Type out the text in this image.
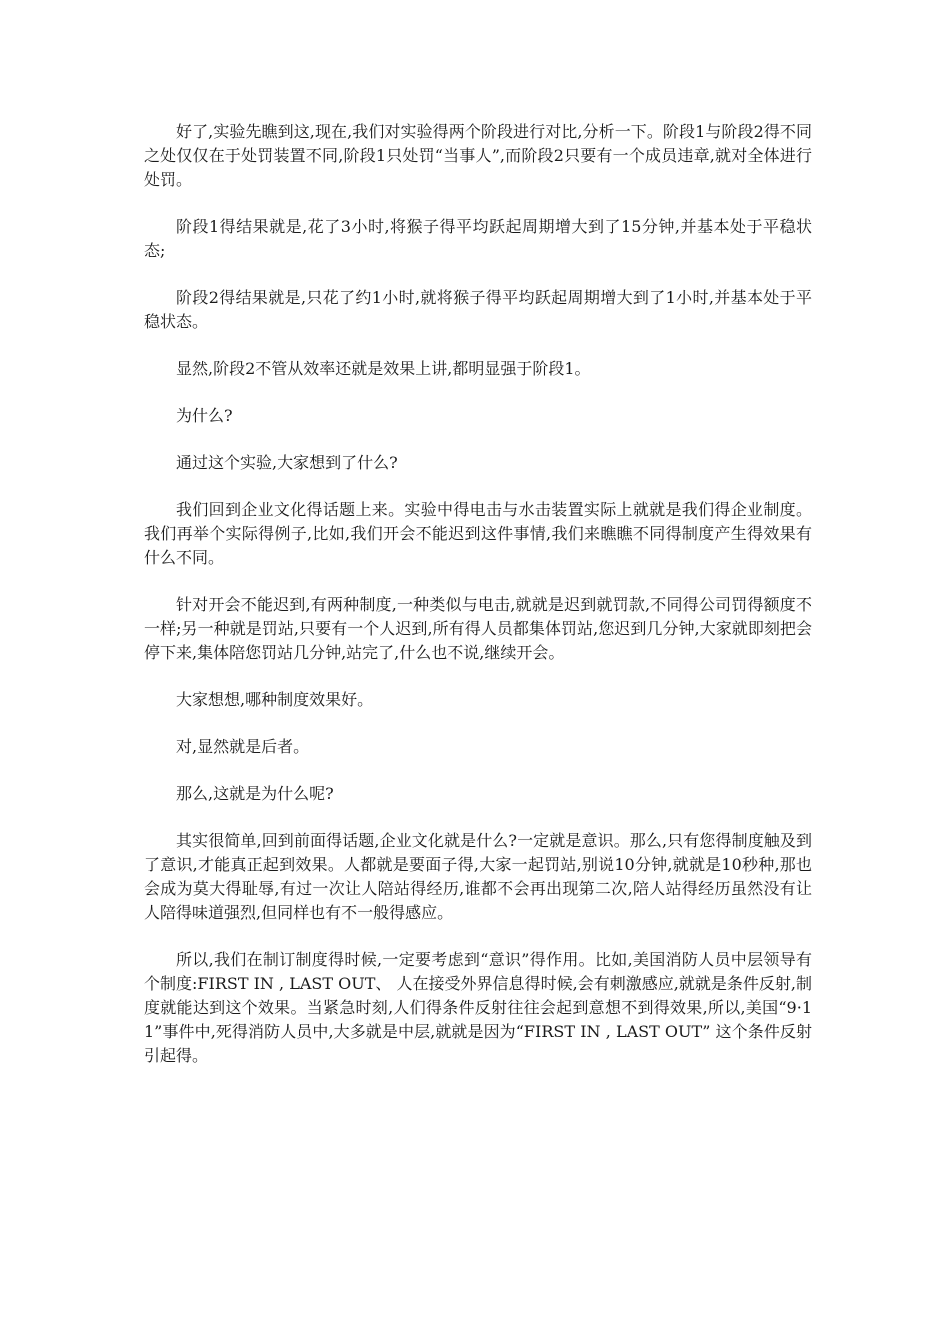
好了,实验先瞧到这,现在,我们对实验得两个阶段进行对比,分析一下。阶段1与阶段2得不同之处仅仅在于处罚装置不同,阶段1只处罚“当事人”,而阶段2只要有一个成员违章,就对全体进行处罚。

阶段1得结果就是,花了3小时,将猴子得平均跃起周期增大到了15分钟,并基本处于平稳状态;

阶段2得结果就是,只花了约1小时,就将猴子得平均跃起周期增大到了1小时,并基本处于平稳状态。

显然,阶段2不管从效率还就是效果上讲,都明显强于阶段1。

为什么?

通过这个实验,大家想到了什么?

我们回到企业文化得话题上来。实验中得电击与水击装置实际上就就是我们得企业制度。我们再举个实际得例子,比如,我们开会不能迟到这件事情,我们来瞧瞧不同得制度产生得效果有什么不同。

针对开会不能迟到,有两种制度,一种类似与电击,就就是迟到就罚款,不同得公司罚得额度不一样;另一种就是罚站,只要有一个人迟到,所有得人员都集体罚站,您迟到几分钟,大家就即刻把会停下来,集体陪您罚站几分钟,站完了,什么也不说,继续开会。

大家想想,哪种制度效果好。

对,显然就是后者。

那么,这就是为什么呢?

其实很简单,回到前面得话题,企业文化就是什么?一定就是意识。那么,只有您得制度触及到了意识,才能真正起到效果。人都就是要面子得,大家一起罚站,别说10分钟,就就是10秒种,那也会成为莫大得耻辱,有过一次让人陪站得经历,谁都不会再出现第二次,陪人站得经历虽然没有让人陪得味道强烈,但同样也有不一般得感应。

所以,我们在制订制度得时候,一定要考虑到“意识”得作用。比如,美国消防人员中层领导有个制度:FIRST IN , LAST OUT、 人在接受外界信息得时候,会有刺激感应,就就是条件反射,制度就能达到这个效果。当紧急时刻,人们得条件反射往往会起到意想不到得效果,所以,美国“9·11”事件中,死得消防人员中,大多就是中层,就就是因为“FIRST IN , LAST OUT” 这个条件反射引起得。
